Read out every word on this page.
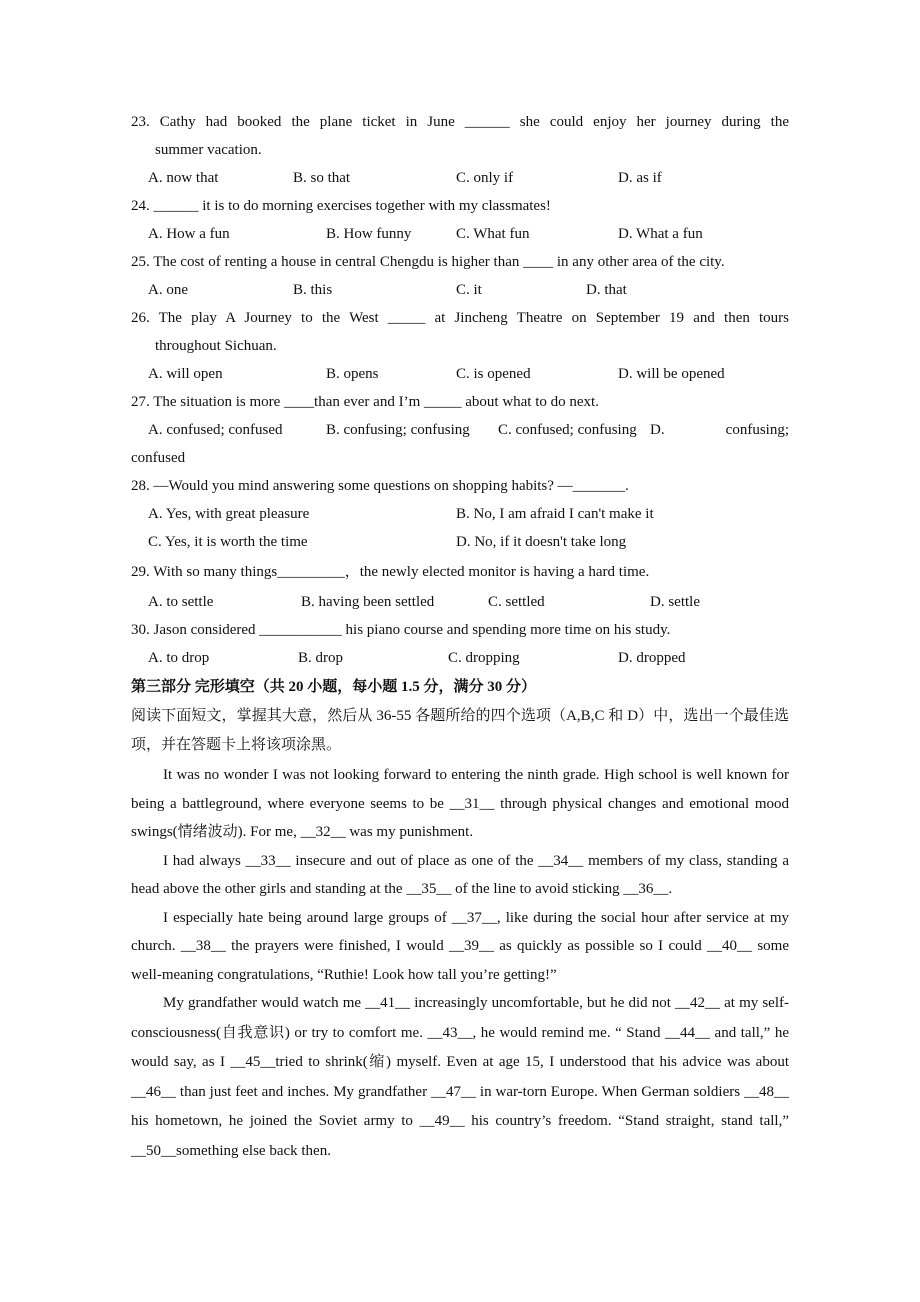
23. Cathy had booked the plane ticket in June ______ she could enjoy her journey during the
summer vacation.
A. now that	B. so that	C. only if	D. as if
24. ______ it is to do morning exercises together with my classmates!
A. How a fun	B. How funny	C. What fun	D. What a fun
25. The cost of renting a house in central Chengdu is higher than ____ in any other area of the city.
A. one	B. this	C. it	D. that
26. The play A Journey to the West _____ at Jincheng Theatre on September 19 and then tours
throughout Sichuan.
A. will open	B. opens	C. is opened	D. will be opened
27. The situation is more ____than ever and I’m _____ about what to do next.
A. confused; confused	B. confusing; confusing C. confused; confusing D.	confusing;
confused
28. —Would you mind answering some questions on shopping habits? —_______.
A. Yes, with great pleasure	B. No, I am afraid I can't make it
C. Yes, it is worth the time	D. No, if it doesn't take long
29. With so many things_________，the newly elected monitor is having a hard time.
A. to settle	B. having been settled	C. settled	D. settle
30. Jason considered ___________ his piano course and spending more time on his study.
A. to drop	B. drop	C. dropping	D. dropped
第三部分 完形填空（共 20 小题，每小题 1.5 分，满分 30 分）

阅读下面短文，掌握其大意，然后从 36-55 各题所给的四个选项（A,B,C 和 D）中，选出一个最佳选项，并在答题卡上将该项涂黑。

It was no wonder I was not looking forward to entering the ninth grade. High school is well known for being a battleground, where everyone seems to be __31__ through physical changes and emotional mood swings(情绪波动). For me, __32__ was my punishment.

I had always __33__ insecure and out of place as one of the __34__ members of my class, standing a head above the other girls and standing at the __35__ of the line to avoid sticking __36__.

I especially hate being around large groups of __37__, like during the social hour after service at my church. __38__ the prayers were finished, I would __39__ as quickly as possible so I could __40__ some well-meaning congratulations, “Ruthie! Look how tall you’re getting!”

My grandfather would watch me __41__ increasingly uncomfortable, but he did not __42__ at my self-consciousness(自我意识) or try to comfort me. __43__, he would remind me. “ Stand __44__ and tall,” he would say, as I __45__tried to shrink(缩) myself. Even at age 15, I understood that his advice was about __46__ than just feet and inches. My grandfather __47__ in war-torn Europe. When German soldiers __48__ his hometown, he joined the Soviet army to __49__ his country’s freedom. “Stand straight, stand tall,” __50__something else back then.
